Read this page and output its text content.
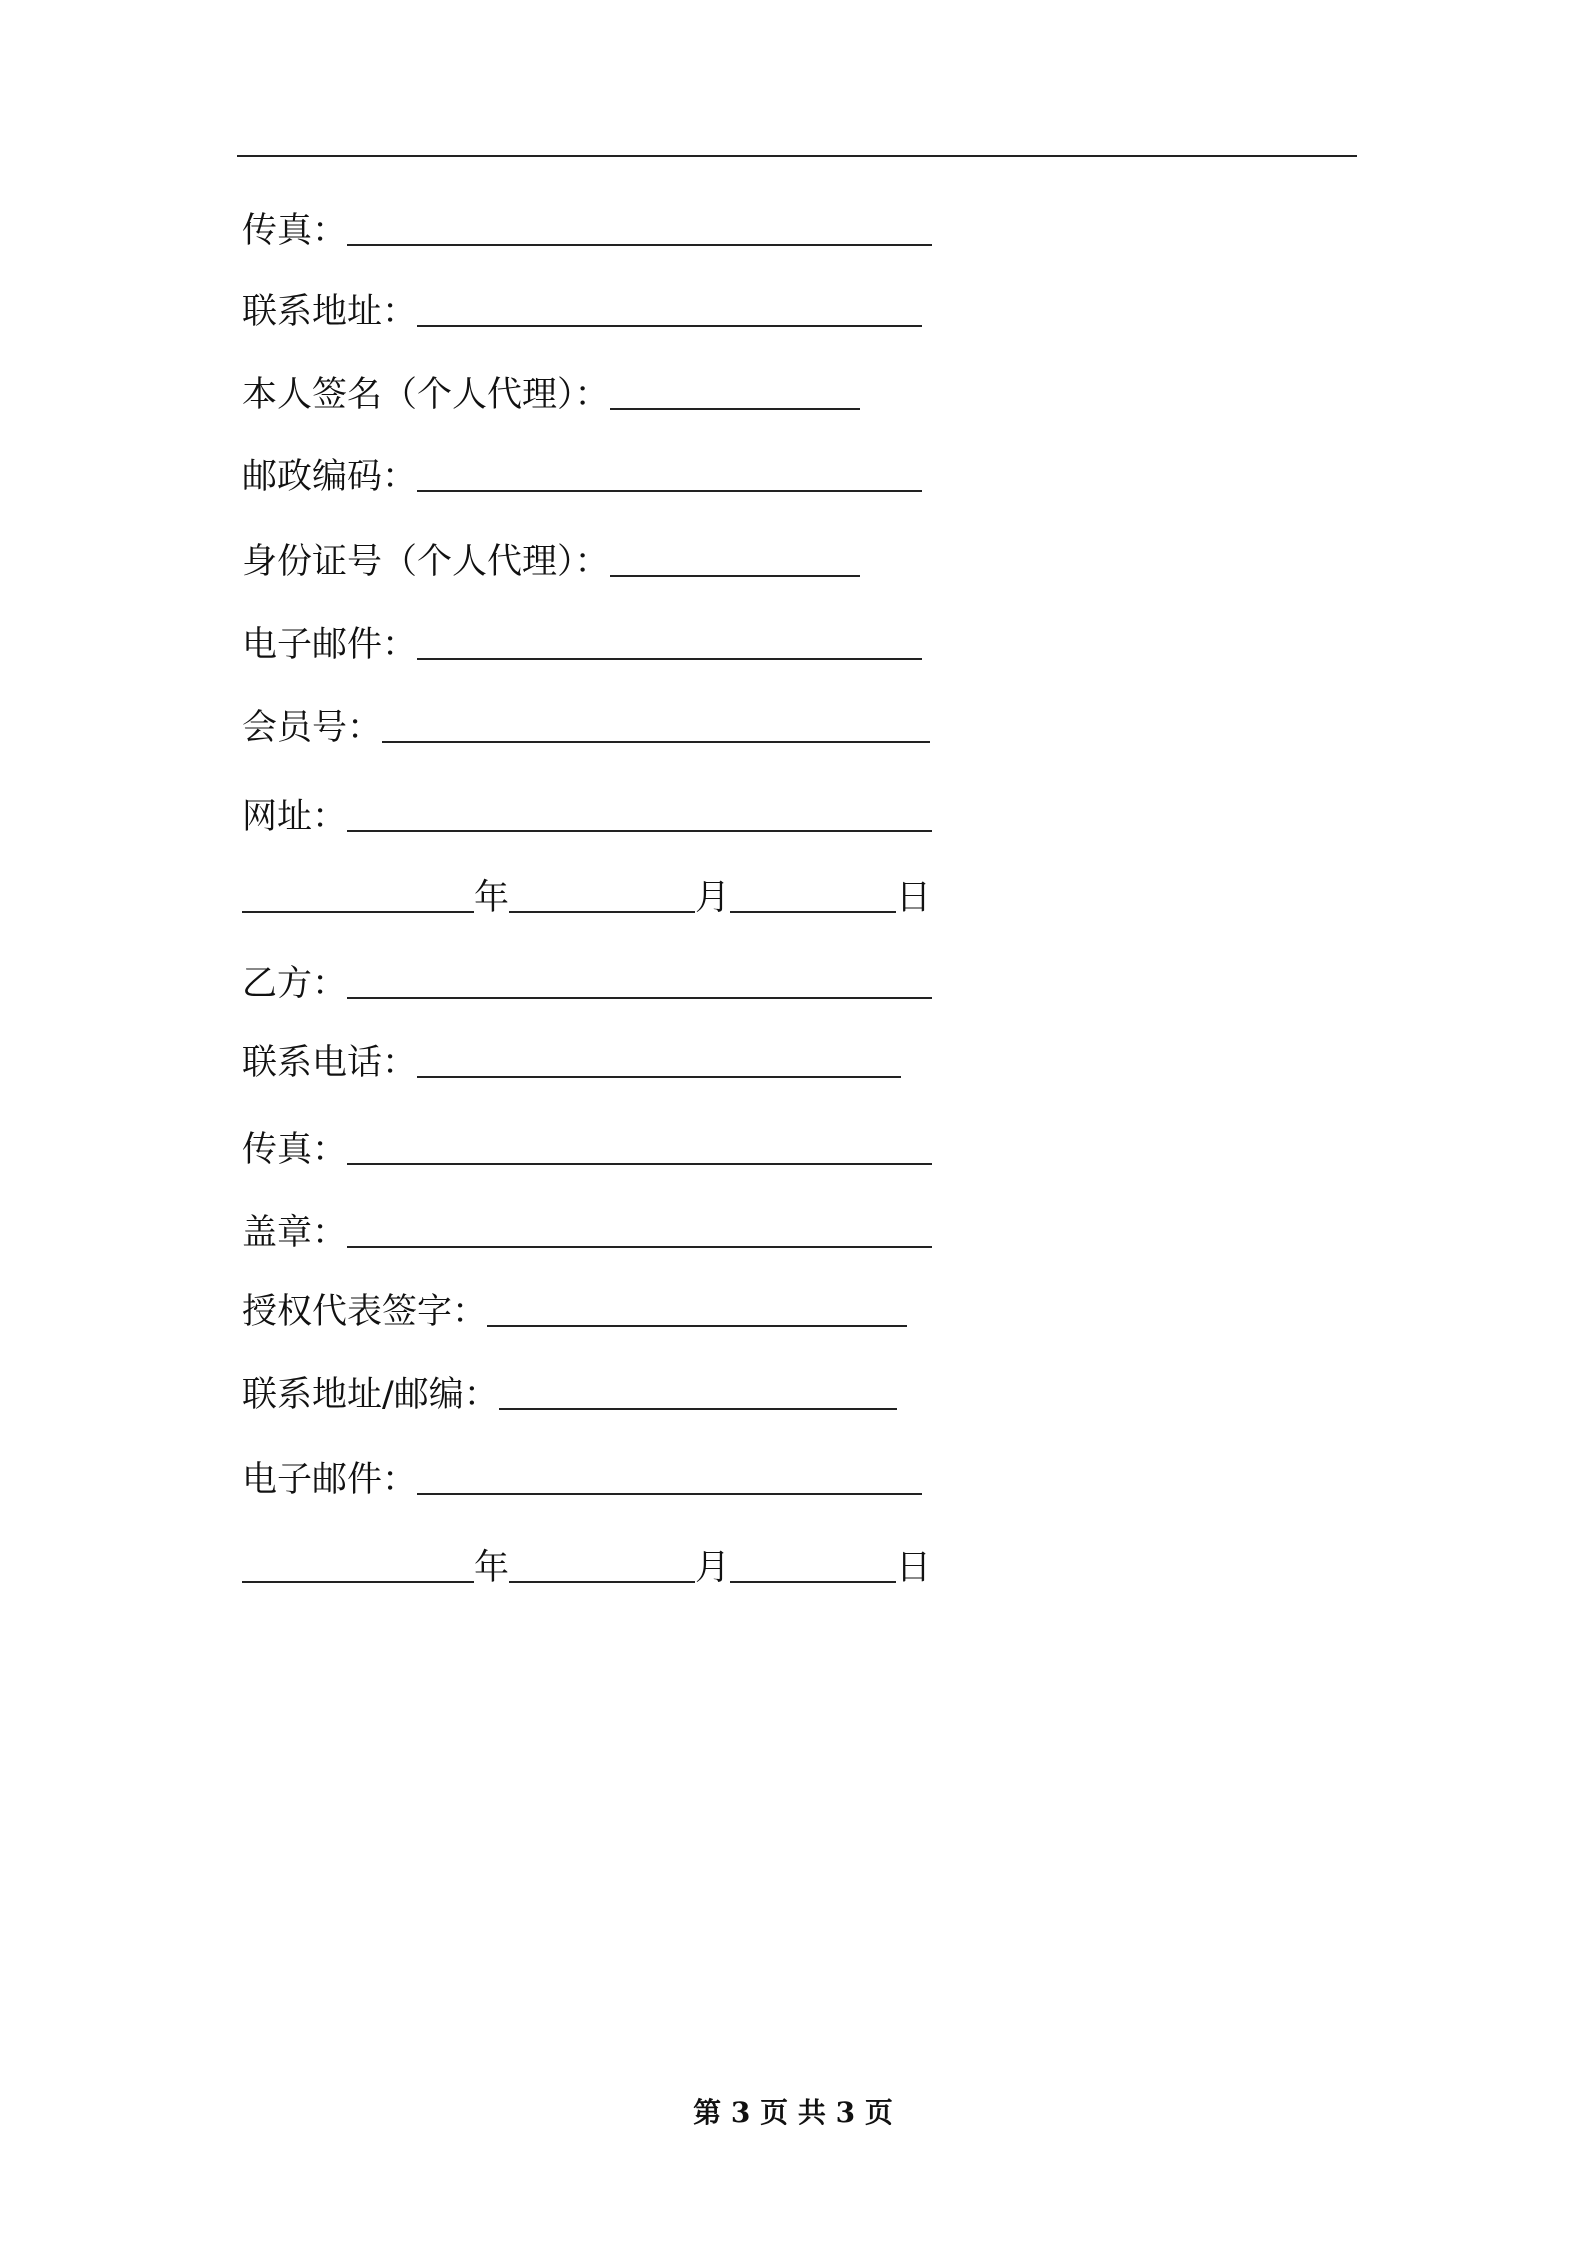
传真：
联系地址：
本人签名（个人代理）：
邮政编码：
身份证号（个人代理）：
电子邮件：
会员号：
网址：
年	月	日
乙方：
联系电话：
传真：
盖章：
授权代表签字：
联系地址/邮编：
电子邮件：
年	月	日
第 3 页 共 3 页
